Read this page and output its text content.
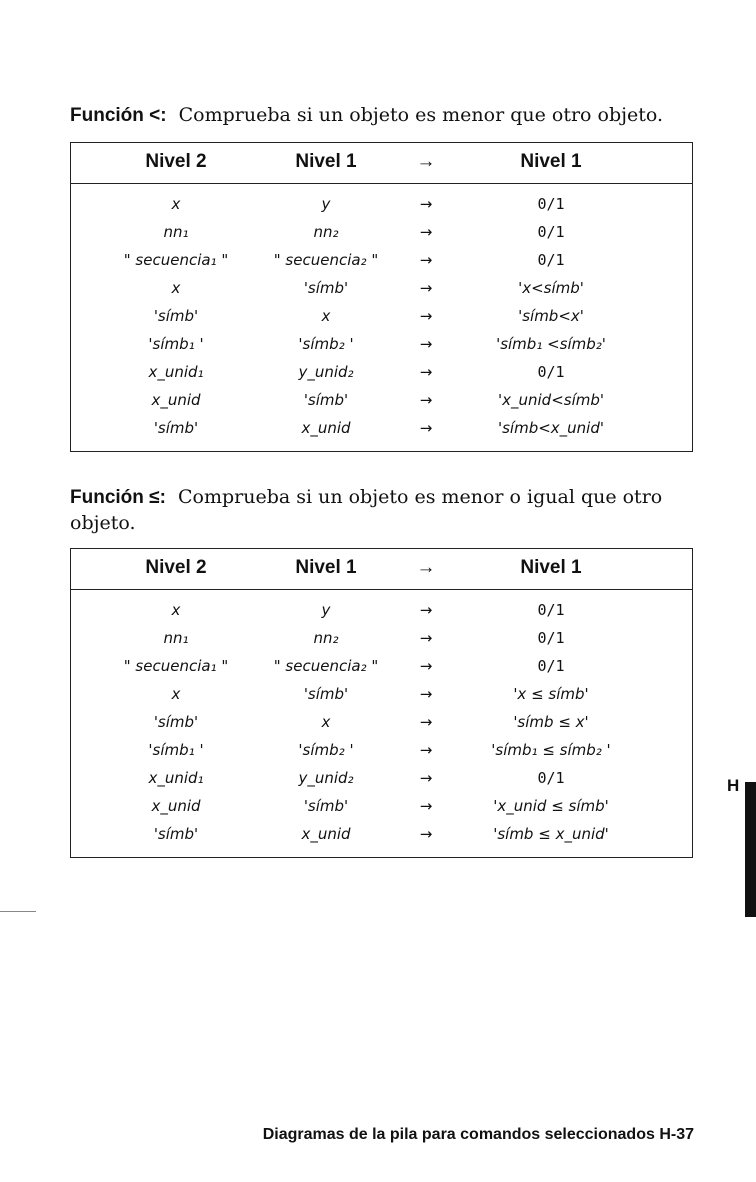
Función <: Comprueba si un objeto es menor que otro objeto.
Nivel 2	Nivel 1	→	Nivel 1
x	y	→	0/1
nn₁	nn₂	→	0/1
" secuencia₁ "	" secuencia₂ "	→	0/1
x	'símb'	→	'x<símb'
'símb'	x	→	'símb<x'
'símb₁ '	'símb₂ '	→	'símb₁ <símb₂'
x_unid₁	y_unid₂	→	0/1
x_unid	'símb'	→	'x_unid<símb'
'símb'	x_unid	→	'símb<x_unid'
Función ≤: Comprueba si un objeto es menor o igual que otro
objeto.
Nivel 2	Nivel 1	→	Nivel 1
x	y	→	0/1
nn₁	nn₂	→	0/1
" secuencia₁ "	" secuencia₂ "	→	0/1
x	'símb'	→	'x ≤ símb'
'símb'	x	→	'símb ≤ x'
'símb₁ '	'símb₂ '	→	'símb₁ ≤ símb₂ '
x_unid₁	y_unid₂	→	0/1
x_unid	'símb'	→	'x_unid ≤ símb'
'símb'	x_unid	→	'símb ≤ x_unid'
H
Diagramas de la pila para comandos seleccionados H-37
